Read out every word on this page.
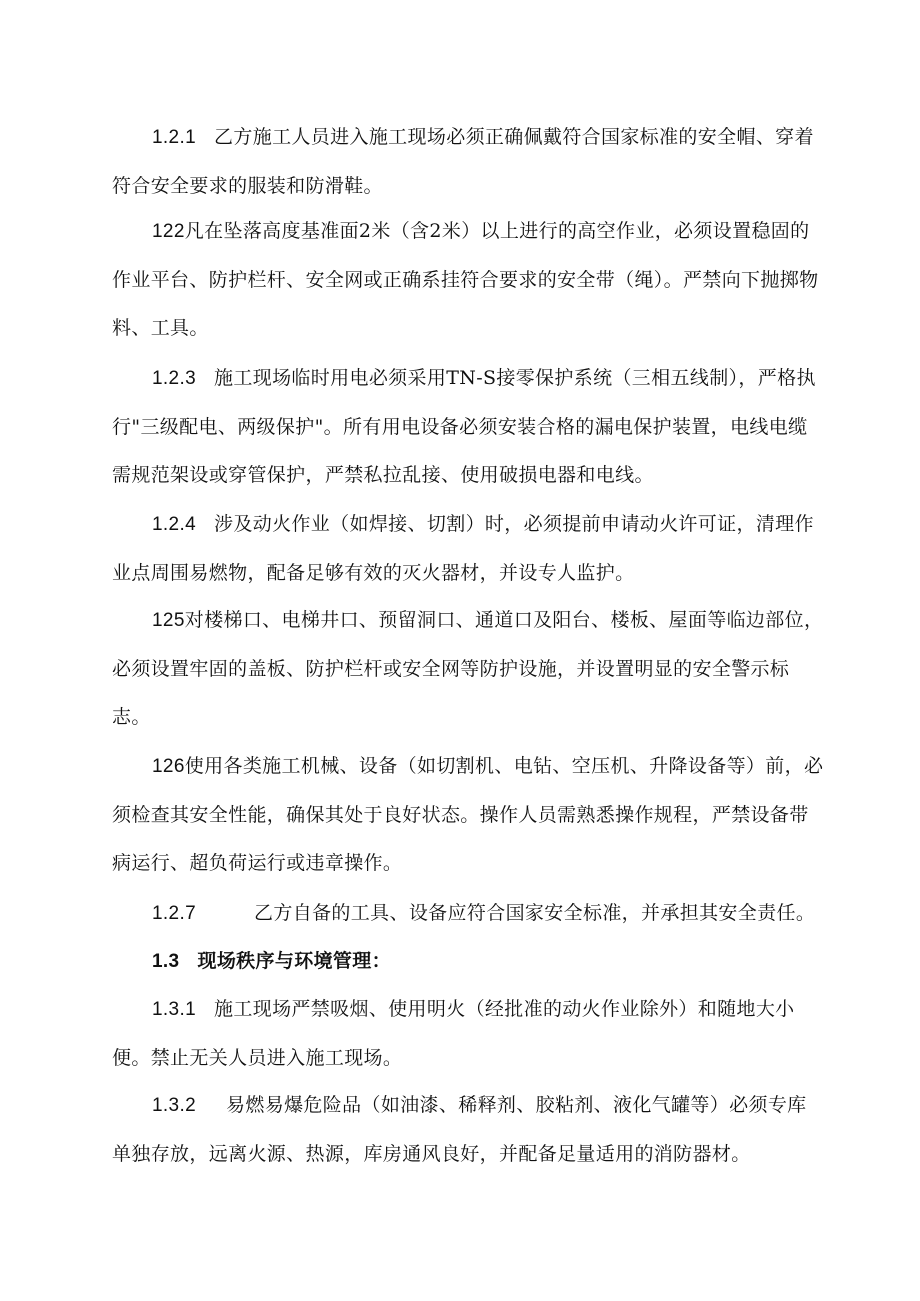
1.2.1 乙方施工人员进入施工现场必须正确佩戴符合国家标准的安全帽、穿着符合安全要求的服装和防滑鞋。
122凡在坠落高度基准面2米（含2米）以上进行的高空作业，必须设置稳固的作业平台、防护栏杆、安全网或正确系挂符合要求的安全带（绳）。严禁向下抛掷物料、工具。
1.2.3 施工现场临时用电必须采用TN-S接零保护系统（三相五线制），严格执行"三级配电、两级保护"。所有用电设备必须安装合格的漏电保护装置，电线电缆需规范架设或穿管保护，严禁私拉乱接、使用破损电器和电线。
1.2.4 涉及动火作业（如焊接、切割）时，必须提前申请动火许可证，清理作业点周围易燃物，配备足够有效的灭火器材，并设专人监护。
125对楼梯口、电梯井口、预留洞口、通道口及阳台、楼板、屋面等临边部位，必须设置牢固的盖板、防护栏杆或安全网等防护设施，并设置明显的安全警示标志。
126使用各类施工机械、设备（如切割机、电钻、空压机、升降设备等）前，必须检查其安全性能，确保其处于良好状态。操作人员需熟悉操作规程，严禁设备带病运行、超负荷运行或违章操作。
1.2.7	乙方自备的工具、设备应符合国家安全标准，并承担其安全责任。
1.3 现场秩序与环境管理：
1.3.1 施工现场严禁吸烟、使用明火（经批准的动火作业除外）和随地大小便。禁止无关人员进入施工现场。
1.3.2 易燃易爆危险品（如油漆、稀释剂、胶粘剂、液化气罐等）必须专库单独存放，远离火源、热源，库房通风良好，并配备足量适用的消防器材。
